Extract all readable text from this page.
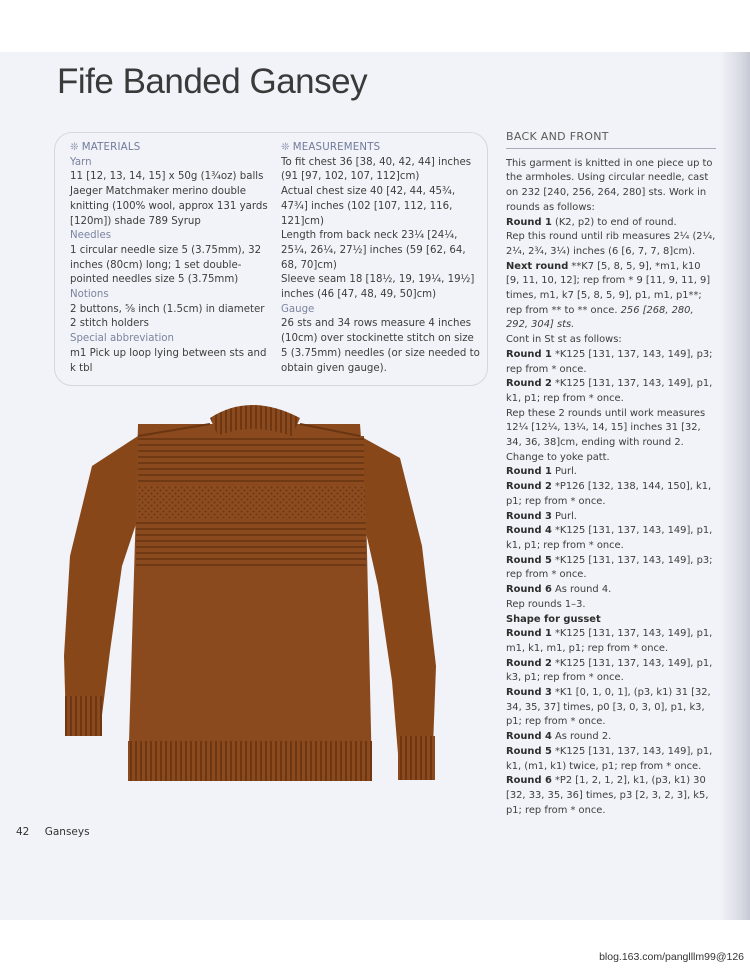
Fife Banded Gansey

❊ MATERIALS

Yarn

11 [12, 13, 14, 15] x 50g (1¾oz) balls Jaeger Matchmaker merino double knitting (100% wool, approx 131 yards [120m]) shade 789 Syrup

Needles

1 circular needle size 5 (3.75mm), 32 inches (80cm) long; 1 set double-pointed needles size 5 (3.75mm)

Notions

2 buttons, ⅝ inch (1.5cm) in diameter
2 stitch holders

Special abbreviation

m1 Pick up loop lying between sts and k tbl

❊ MEASUREMENTS

To fit chest 36 [38, 40, 42, 44] inches (91 [97, 102, 107, 112]cm)

Actual chest size 40 [42, 44, 45¾, 47¾] inches (102 [107, 112, 116, 121]cm)

Length from back neck 23¼ [24¼, 25¼, 26¼, 27½] inches (59 [62, 64, 68, 70]cm)

Sleeve seam 18 [18½, 19, 19¼, 19½] inches (46 [47, 48, 49, 50]cm)

Gauge

26 sts and 34 rows measure 4 inches (10cm) over stockinette stitch on size 5 (3.75mm) needles (or size needed to obtain given gauge).

BACK AND FRONT

This garment is knitted in one piece up to the armholes. Using circular needle, cast on 232 [240, 256, 264, 280] sts. Work in rounds as follows:

Round 1 (K2, p2) to end of round.

Rep this round until rib measures 2¼ (2¼, 2¼, 2¾, 3¼) inches (6 [6, 7, 7, 8]cm).

Next round **K7 [5, 8, 5, 9], *m1, k10 [9, 11, 10, 12]; rep from * 9 [11, 9, 11, 9] times, m1, k7 [5, 8, 5, 9], p1, m1, p1**; rep from ** to ** once. 256 [268, 280, 292, 304] sts.

Cont in St st as follows:

Round 1 *K125 [131, 137, 143, 149], p3; rep from * once.

Round 2 *K125 [131, 137, 143, 149], p1, k1, p1; rep from * once.

Rep these 2 rounds until work measures 12¼ [12¼, 13¼, 14, 15] inches 31 [32, 34, 36, 38]cm, ending with round 2.

Change to yoke patt.

Round 1 Purl.

Round 2 *P126 [132, 138, 144, 150], k1, p1; rep from * once.

Round 3 Purl.

Round 4 *K125 [131, 137, 143, 149], p1, k1, p1; rep from * once.

Round 5 *K125 [131, 137, 143, 149], p3; rep from * once.

Round 6 As round 4.

Rep rounds 1–3.

Shape for gusset

Round 1 *K125 [131, 137, 143, 149], p1, m1, k1, m1, p1; rep from * once.

Round 2 *K125 [131, 137, 143, 149], p1, k3, p1; rep from * once.

Round 3 *K1 [0, 1, 0, 1], (p3, k1) 31 [32, 34, 35, 37] times, p0 [3, 0, 3, 0], p1, k3, p1; rep from * once.

Round 4 As round 2.

Round 5 *K125 [131, 137, 143, 149], p1, k1, (m1, k1) twice, p1; rep from * once.

Round 6 *P2 [1, 2, 1, 2], k1, (p3, k1) 30 [32, 33, 35, 36] times, p3 [2, 3, 2, 3], k5, p1; rep from * once.

42 Ganseys
blog.163.com/panglllm99@126
